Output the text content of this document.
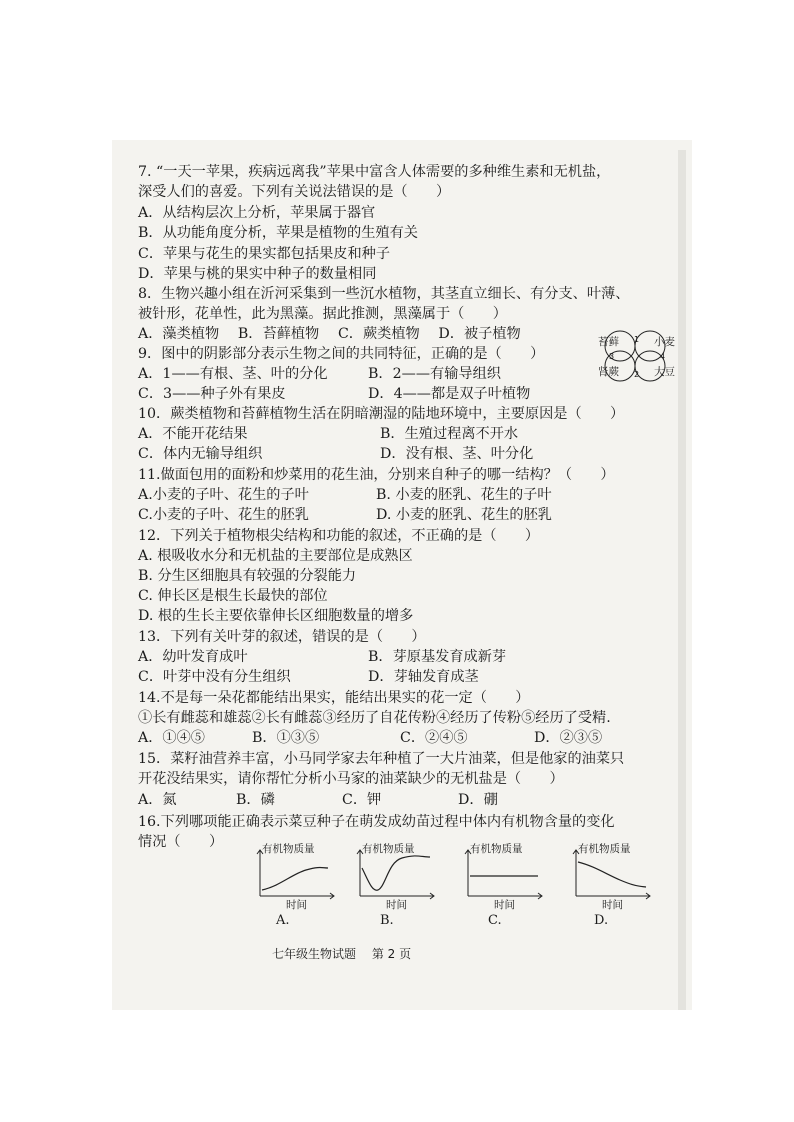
7. “一天一苹果，疾病远离我”苹果中富含人体需要的多种维生素和无机盐，
深受人们的喜爱。下列有关说法错误的是（　　）
A．从结构层次上分析，苹果属于器官
B．从功能角度分析，苹果是植物的生殖有关
C．苹果与花生的果实都包括果皮和种子
D．苹果与桃的果实中种子的数量相同
8．生物兴趣小组在沂河采集到一些沉水植物，其茎直立细长、有分支、叶薄、
被针形，花单性，此为黑藻。据此推测，黑藻属于（　　）
A．藻类植物　 B．苔藓植物　 C．蕨类植物　 D．被子植物
9．图中的阴影部分表示生物之间的共同特征，正确的是（　　）
A．1——有根、茎、叶的分化	B．2——有输导组织
C．3——种子外有果皮	D．4——都是双子叶植物
苔藓	小麦
肾蕨	大豆
1
3	4
2
10．蕨类植物和苔藓植物生活在阴暗潮湿的陆地环境中，主要原因是（　　）
A．不能开花结果	B．生殖过程离不开水
C．体内无输导组织	D．没有根、茎、叶分化
11.做面包用的面粉和炒菜用的花生油，分别来自种子的哪一结构？（　　）
A.小麦的子叶、花生的子叶	B. 小麦的胚乳、花生的子叶
C.小麦的子叶、花生的胚乳	D. 小麦的胚乳、花生的胚乳
12．下列关于植物根尖结构和功能的叙述，不正确的是（　　）
A. 根吸收水分和无机盐的主要部位是成熟区
B. 分生区细胞具有较强的分裂能力
C. 伸长区是根生长最快的部位
D. 根的生长主要依靠伸长区细胞数量的增多
13．下列有关叶芽的叙述，错误的是（　　）
A．幼叶发育成叶	B．芽原基发育成新芽
C．叶芽中没有分生组织	D．芽轴发育成茎
14.不是每一朵花都能结出果实，能结出果实的花一定（　　）
①长有雌蕊和雄蕊②长有雌蕊③经历了自花传粉④经历了传粉⑤经历了受精.
A．①④⑤	B．①③⑤	C．②④⑤	D．②③⑤
15．菜籽油营养丰富，小马同学家去年种植了一大片油菜，但是他家的油菜只
开花没结果实，请你帮忙分析小马家的油菜缺少的无机盐是（　　）
A．氮	B．磷	C．钾	D．硼
16.下列哪项能正确表示菜豆种子在萌发成幼苗过程中体内有机物含量的变化
情况（　　）	有机物质量
时间
有机物质量
时间
有机物质量
时间
有机物质量
时间
A.	B.	C.	D.
七年级生物试题　 第 2 页
